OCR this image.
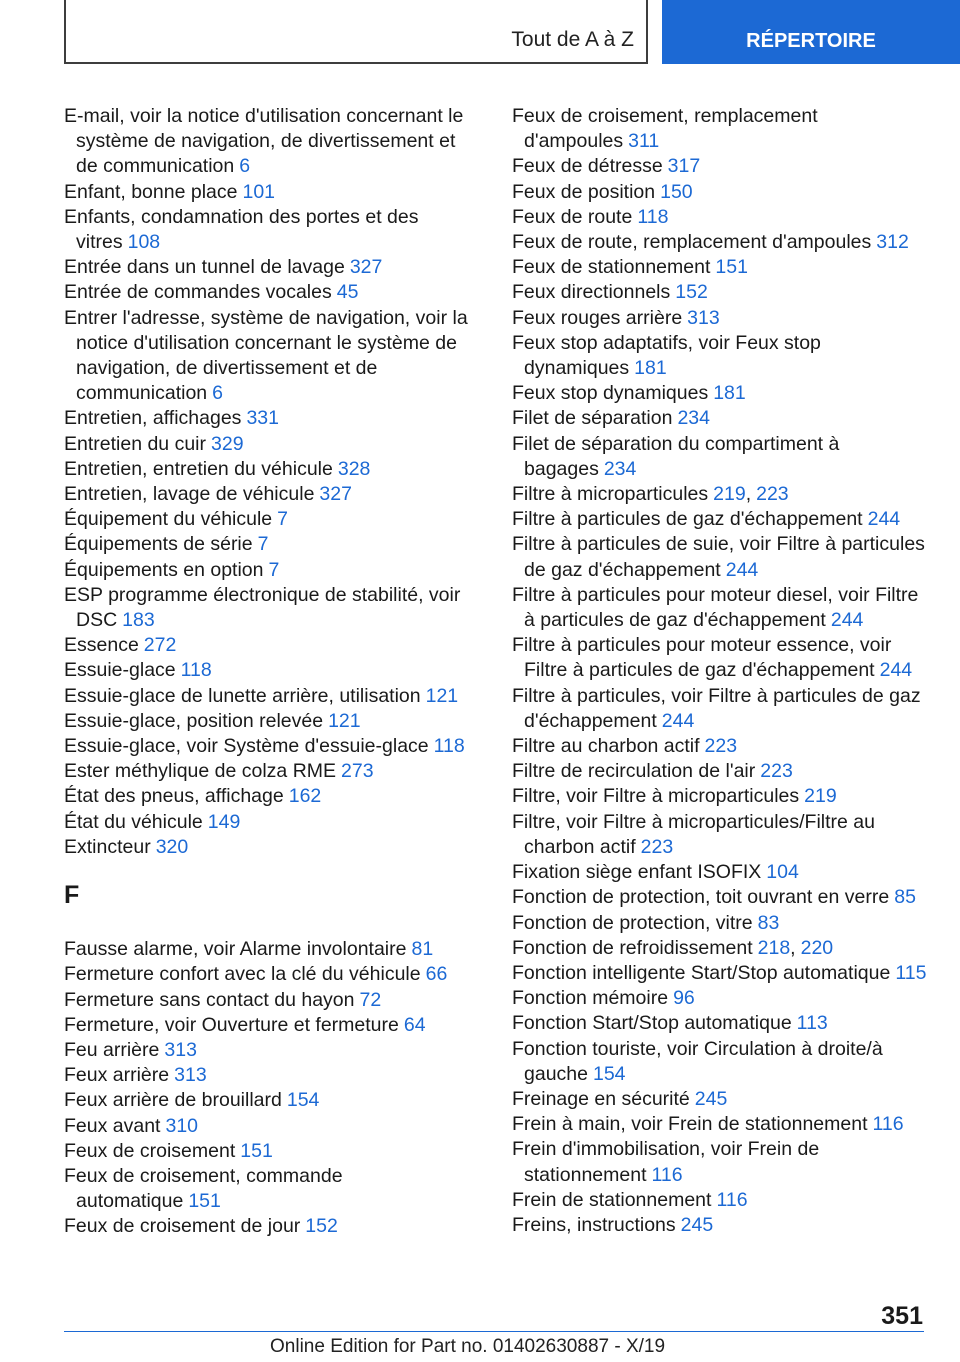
Tout de A à Z	RÉPERTOIRE

E-mail, voir la notice d'utilisation concernant le système de navigation, de divertissement et de communication 6

Enfant, bonne place 101

Enfants, condamnation des portes et des vitres 108

Entrée dans un tunnel de lavage 327

Entrée de commandes vocales 45

Entrer l'adresse, système de navigation, voir la notice d'utilisation concernant le système de navigation, de divertissement et de communication 6

Entretien, affichages 331

Entretien du cuir 329

Entretien, entretien du véhicule 328

Entretien, lavage de véhicule 327

Équipement du véhicule 7

Équipements de série 7

Équipements en option 7

ESP programme électronique de stabilité, voir DSC 183

Essence 272

Essuie-glace 118

Essuie-glace de lunette arrière, utilisation 121

Essuie-glace, position relevée 121

Essuie-glace, voir Système d'essuie-glace 118

Ester méthylique de colza RME 273

État des pneus, affichage 162

État du véhicule 149

Extincteur 320

F

Fausse alarme, voir Alarme involontaire 81

Fermeture confort avec la clé du véhicule 66

Fermeture sans contact du hayon 72

Fermeture, voir Ouverture et fermeture 64

Feu arrière 313

Feux arrière 313

Feux arrière de brouillard 154

Feux avant 310

Feux de croisement 151

Feux de croisement, commande automatique 151

Feux de croisement de jour 152

Feux de croisement, remplacement d'ampoules 311

Feux de détresse 317

Feux de position 150

Feux de route 118

Feux de route, remplacement d'ampoules 312

Feux de stationnement 151

Feux directionnels 152

Feux rouges arrière 313

Feux stop adaptatifs, voir Feux stop dynamiques 181

Feux stop dynamiques 181

Filet de séparation 234

Filet de séparation du compartiment à bagages 234

Filtre à microparticules 219, 223

Filtre à particules de gaz d'échappement 244

Filtre à particules de suie, voir Filtre à particules de gaz d'échappement 244

Filtre à particules pour moteur diesel, voir Filtre à particules de gaz d'échappement 244

Filtre à particules pour moteur essence, voir Filtre à particules de gaz d'échappement 244

Filtre à particules, voir Filtre à particules de gaz d'échappement 244

Filtre au charbon actif 223

Filtre de recirculation de l'air 223

Filtre, voir Filtre à microparticules 219

Filtre, voir Filtre à microparticules/Filtre au charbon actif 223

Fixation siège enfant ISOFIX 104

Fonction de protection, toit ouvrant en verre 85

Fonction de protection, vitre 83

Fonction de refroidissement 218, 220

Fonction intelligente Start/Stop automatique 115

Fonction mémoire 96

Fonction Start/Stop automatique 113

Fonction touriste, voir Circulation à droite/à gauche 154

Freinage en sécurité 245

Frein à main, voir Frein de stationnement 116

Frein d'immobilisation, voir Frein de stationnement 116

Frein de stationnement 116

Freins, instructions 245

351
Online Edition for Part no. 01402630887 - X/19
